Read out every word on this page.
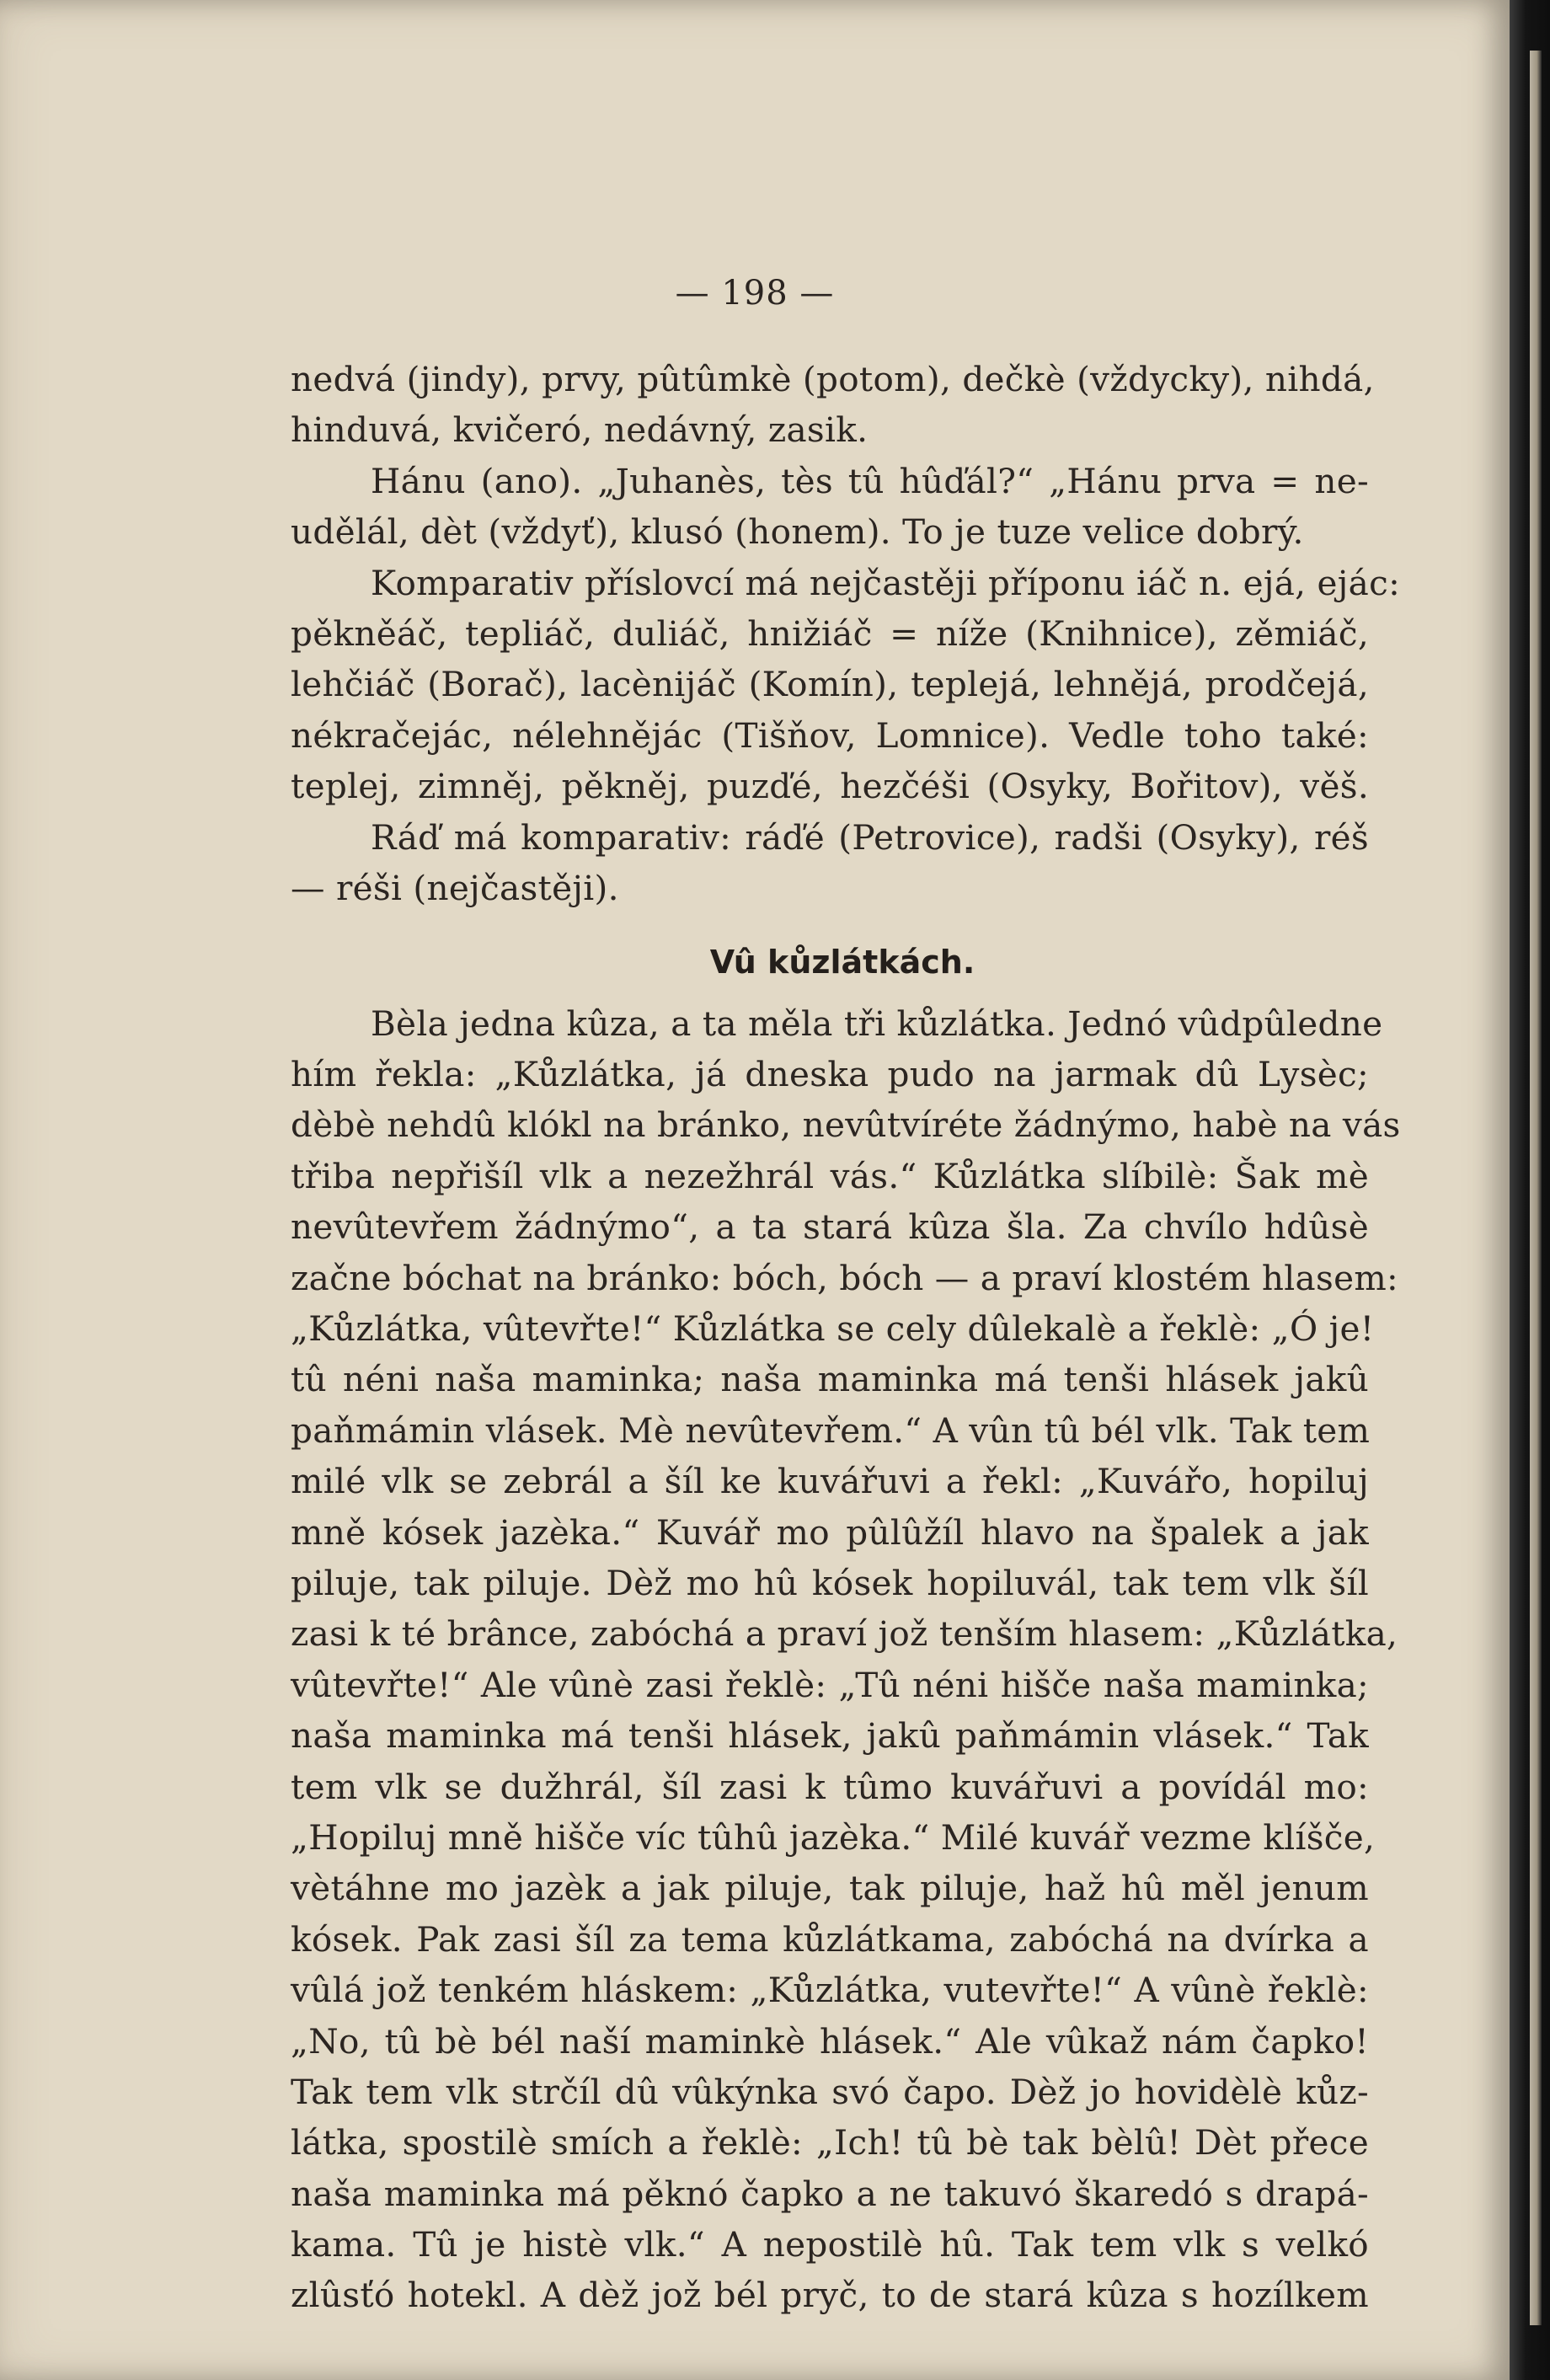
— 198 —
nedvá (jindy), prvy, pûtûmkè (potom), dečkè (vždycky), nihdá,
hinduvá, kvičeró, nedávný, zasik.
Hánu (ano). „Juhanès, tès tû hûďál?“ „Hánu prva = ne-
udělál, dèt (vždyť), klusó (honem). To je tuze velice dobrý.
Komparativ příslovcí má nejčastěji příponu iáč n. ejá, ejác:
pěkněáč, tepliáč, duliáč, hnižiáč = níže (Knihnice), zěmiáč,
lehčiáč (Borač), lacènijáč (Komín), teplejá, lehnějá, prodčejá,
nékračejác, nélehnějác (Tišňov, Lomnice). Vedle toho také:
teplej, zimněj, pěkněj, puzďé, hezčéši (Osyky, Bořitov), věš.
Ráď má komparativ: ráďé (Petrovice), radši (Osyky), réš
— réši (nejčastěji).
Vû kůzlátkách.
Bèla jedna kûza, a ta měla tři kůzlátka. Jednó vûdpûledne
hím řekla: „Kůzlátka, já dneska pudo na jarmak dû Lysèc;
dèbè nehdû klókl na bránko, nevûtvíréte žádnýmo, habè na vás
třiba nepřišíl vlk a nezežhrál vás.“ Kůzlátka slíbilè: Šak mè
nevûtevřem žádnýmo“, a ta stará kûza šla. Za chvílo hdûsè
začne bóchat na bránko: bóch, bóch — a praví klostém hlasem:
„Kůzlátka, vûtevřte!“ Kůzlátka se cely dûlekalè a řeklè: „Ó je!
tû néni naša maminka; naša maminka má tenši hlásek jakû
paňmámin vlásek. Mè nevûtevřem.“ A vûn tû bél vlk. Tak tem
milé vlk se zebrál a šíl ke kuvářuvi a řekl: „Kuvářo, hopiluj
mně kósek jazèka.“ Kuvář mo pûlûžíl hlavo na špalek a jak
piluje, tak piluje. Dèž mo hû kósek hopiluvál, tak tem vlk šíl
zasi k té brânce, zabóchá a praví jož tenším hlasem: „Kůzlátka,
vûtevřte!“ Ale vûnè zasi řeklè: „Tû néni hišče naša maminka;
naša maminka má tenši hlásek, jakû paňmámin vlásek.“ Tak
tem vlk se dužhrál, šíl zasi k tûmo kuvářuvi a povídál mo:
„Hopiluj mně hišče víc tûhû jazèka.“ Milé kuvář vezme klíšče,
vètáhne mo jazèk a jak piluje, tak piluje, haž hû měl jenum
kósek. Pak zasi šíl za tema kůzlátkama, zabóchá na dvírka a
vûlá jož tenkém hláskem: „Kůzlátka, vutevřte!“ A vûnè řeklè:
„No, tû bè bél naší maminkè hlásek.“ Ale vûkaž nám čapko!
Tak tem vlk strčíl dû vûkýnka svó čapo. Dèž jo hovidèlè kůz-
látka, spostilè smích a řeklè: „Ich! tû bè tak bèlû! Dèt přece
naša maminka má pěknó čapko a ne takuvó škaredó s drapá-
kama. Tû je histè vlk.“ A nepostilè hû. Tak tem vlk s velkó
zlûsťó hotekl. A dèž jož bél pryč, to de stará kûza s hozílkem
